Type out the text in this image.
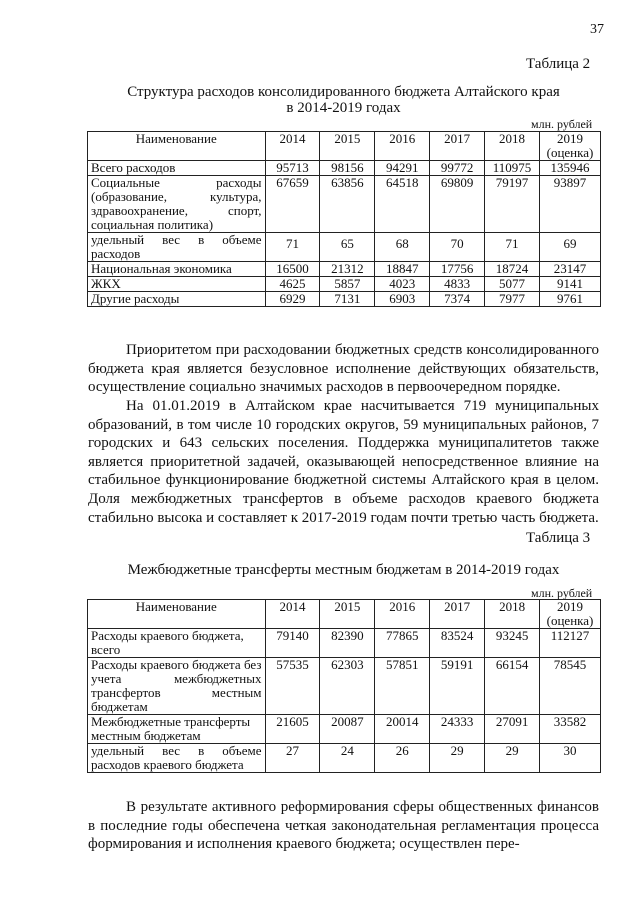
37
Таблица 2
Структура расходов консолидированного бюджета Алтайского края
в 2014-2019 годах
млн. рублей
Наименование	2014	2015	2016	2017	2018	2019 (оценка)
Всего расходов	95713	98156	94291	99772	110975	135946
Социальные расходы (образование, культура, здравоохранение, спорт, социальная политика)	67659	63856	64518	69809	79197	93897
удельный вес в объеме расходов	71	65	68	70	71	69
Национальная экономика	16500	21312	18847	17756	18724	23147
ЖКХ	4625	5857	4023	4833	5077	9141
Другие расходы	6929	7131	6903	7374	7977	9761
Приоритетом при расходовании бюджетных средств консолидированного бюджета края является безусловное исполнение действующих обязательств, осуществление социально значимых расходов в первоочередном порядке.
На 01.01.2019 в Алтайском крае насчитывается 719 муниципальных образований, в том числе 10 городских округов, 59 муниципальных районов, 7 городских и 643 сельских поселения. Поддержка муниципалитетов также является приоритетной задачей, оказывающей непосредственное влияние на стабильное функционирование бюджетной системы Алтайского края в целом. Доля межбюджетных трансфертов в объеме расходов краевого бюджета стабильно высока и составляет к 2017-2019 годам почти третью часть бюджета.
Таблица 3
Межбюджетные трансферты местным бюджетам в 2014-2019 годах
млн. рублей
Наименование	2014	2015	2016	2017	2018	2019 (оценка)
Расходы краевого бюджета, всего	79140	82390	77865	83524	93245	112127
Расходы краевого бюджета без учета межбюджетных трансфертов местным бюджетам	57535	62303	57851	59191	66154	78545
Межбюджетные трансферты местным бюджетам	21605	20087	20014	24333	27091	33582
удельный вес в объеме расходов краевого бюджета	27	24	26	29	29	30
В результате активного реформирования сферы общественных финансов в последние годы обеспечена четкая законодательная регламентация процесса формирования и исполнения краевого бюджета; осуществлен пере-
